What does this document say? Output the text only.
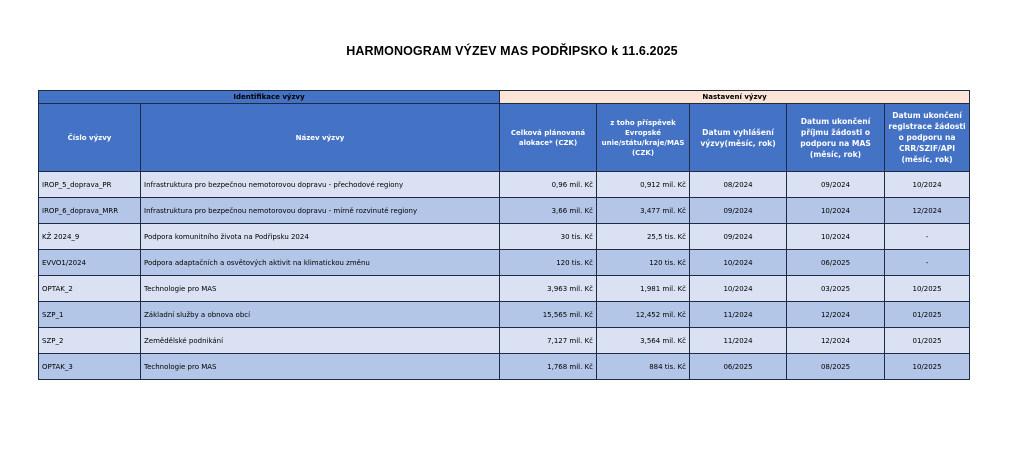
HARMONOGRAM VÝZEV MAS PODŘIPSKO k 11.6.2025
Identifikace výzvy		Nastavení výzvy				
Číslo výzvy	Název výzvy	Celková plánovaná alokace* (CZK)	z toho příspěvek Evropské unie/státu/kraje/MAS (CZK)	Datum vyhlášení výzvy(měsíc, rok)	Datum ukončení příjmu žádosti o podporu na MAS (měsíc, rok)	Datum ukončení registrace žádosti o podporu na CRR/SZIF/API (měsíc, rok)
IROP_5_doprava_PR	Infrastruktura pro bezpečnou nemotorovou dopravu - přechodové regiony	0,96 mil. Kč	0,912 mil. Kč	08/2024	09/2024	10/2024
IROP_6_doprava_MRR	Infrastruktura pro bezpečnou nemotorovou dopravu - mírně rozvinuté regiony	3,66 mil. Kč	3,477 mil. Kč	09/2024	10/2024	12/2024
KŽ 2024_9	Podpora komunitního života na Podřipsku 2024	30 tis. Kč	25,5 tis. Kč	09/2024	10/2024	-
EVVO1/2024	Podpora adaptačních a osvětových aktivit na klimatickou změnu	120 tis. Kč	120 tis. Kč	10/2024	06/2025	-
OPTAK_2	Technologie pro MAS	3,963 mil. Kč	1,981 mil. Kč	10/2024	03/2025	10/2025
SZP_1	Základní služby a obnova obcí	15,565 mil. Kč	12,452 mil. Kč	11/2024	12/2024	01/2025
SZP_2	Zemědělské podnikání	7,127 mil. Kč	3,564 mil. Kč	11/2024	12/2024	01/2025
OPTAK_3	Technologie pro MAS	1,768 mil. Kč	884 tis. Kč	06/2025	08/2025	10/2025
